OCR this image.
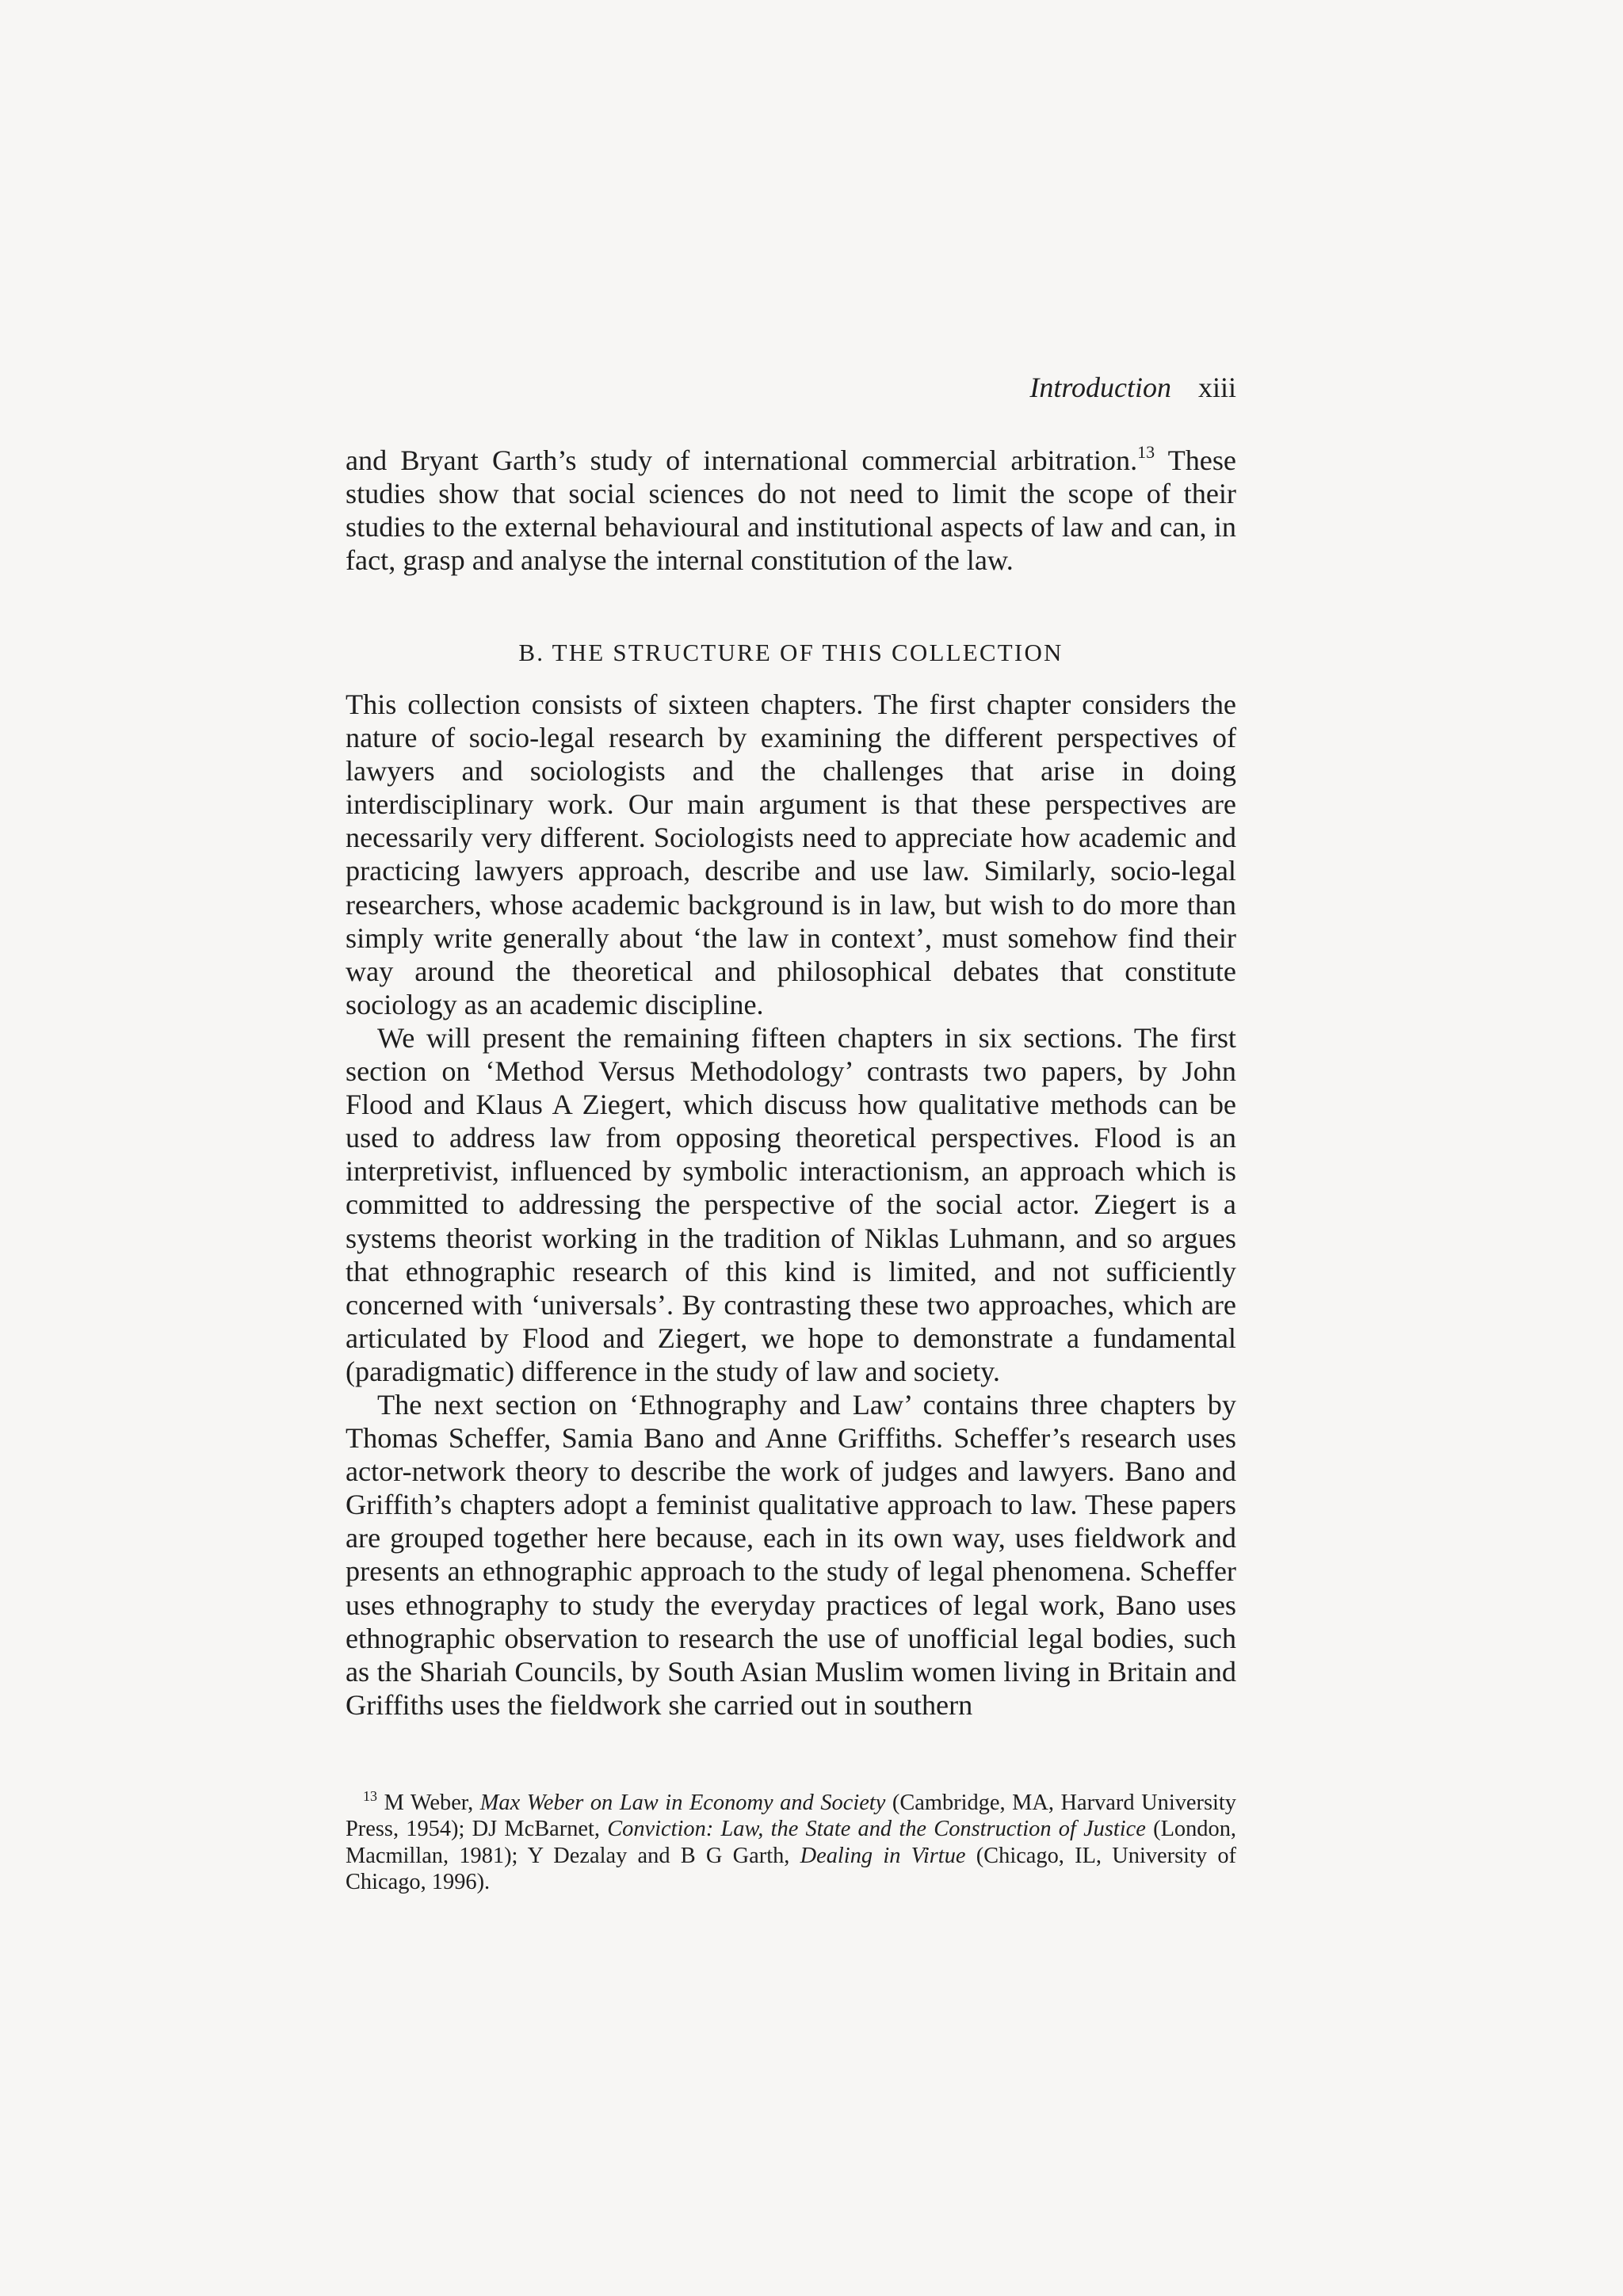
Introduction xiii

and Bryant Garth’s study of international commercial arbitration.$^{13}$ These studies show that social sciences do not need to limit the scope of their studies to the external behavioural and institutional aspects of law and can, in fact, grasp and analyse the internal constitution of the law.

B. THE STRUCTURE OF THIS COLLECTION

This collection consists of sixteen chapters. The first chapter considers the nature of socio-legal research by examining the different perspectives of lawyers and sociologists and the challenges that arise in doing interdisciplinary work. Our main argument is that these perspectives are necessarily very different. Sociologists need to appreciate how academic and practicing lawyers approach, describe and use law. Similarly, socio-legal researchers, whose academic background is in law, but wish to do more than simply write generally about ‘the law in context’, must somehow find their way around the theoretical and philosophical debates that constitute sociology as an academic discipline.

We will present the remaining fifteen chapters in six sections. The first section on ‘Method Versus Methodology’ contrasts two papers, by John Flood and Klaus A Ziegert, which discuss how qualitative methods can be used to address law from opposing theoretical perspectives. Flood is an interpretivist, influenced by symbolic interactionism, an approach which is committed to addressing the perspective of the social actor. Ziegert is a systems theorist working in the tradition of Niklas Luhmann, and so argues that ethnographic research of this kind is limited, and not sufficiently concerned with ‘universals’. By contrasting these two approaches, which are articulated by Flood and Ziegert, we hope to demonstrate a fundamental (paradigmatic) difference in the study of law and society.

The next section on ‘Ethnography and Law’ contains three chapters by Thomas Scheffer, Samia Bano and Anne Griffiths. Scheffer’s research uses actor-network theory to describe the work of judges and lawyers. Bano and Griffith’s chapters adopt a feminist qualitative approach to law. These papers are grouped together here because, each in its own way, uses fieldwork and presents an ethnographic approach to the study of legal phenomena. Scheffer uses ethnography to study the everyday practices of legal work, Bano uses ethnographic observation to research the use of unofficial legal bodies, such as the Shariah Councils, by South Asian Muslim women living in Britain and Griffiths uses the fieldwork she carried out in southern

$^{13}$ M Weber, Max Weber on Law in Economy and Society (Cambridge, MA, Harvard University Press, 1954); DJ McBarnet, Conviction: Law, the State and the Construction of Justice (London, Macmillan, 1981); Y Dezalay and B G Garth, Dealing in Virtue (Chicago, IL, University of Chicago, 1996).
